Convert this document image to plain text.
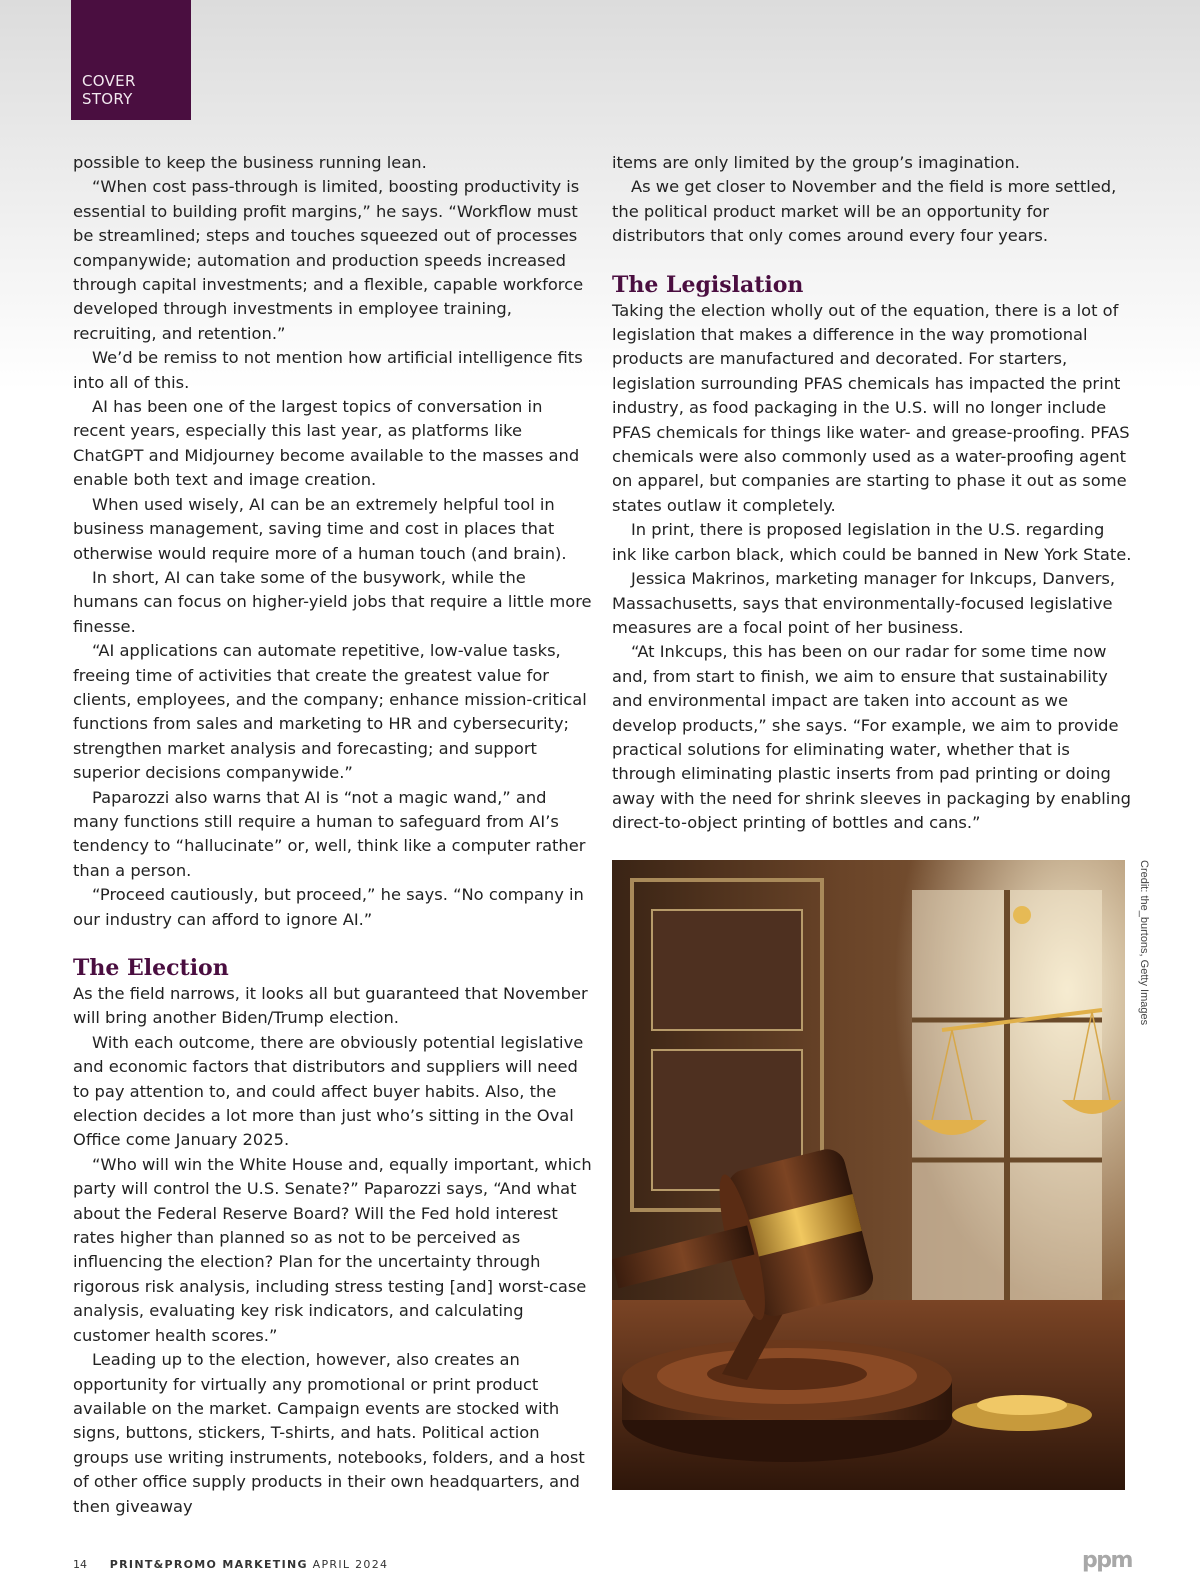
COVER
STORY

possible to keep the business running lean.

“When cost pass-through is limited, boosting productivity is essential to building profit margins,” he says. “Workflow must be streamlined; steps and touches squeezed out of processes companywide; automation and production speeds increased through capital investments; and a flexible, capable workforce developed through investments in employee training, recruiting, and retention.”

We’d be remiss to not mention how artificial intelligence fits into all of this.

AI has been one of the largest topics of conversation in recent years, especially this last year, as platforms like ChatGPT and Midjourney become available to the masses and enable both text and image creation.

When used wisely, AI can be an extremely helpful tool in business management, saving time and cost in places that otherwise would require more of a human touch (and brain).

In short, AI can take some of the busywork, while the humans can focus on higher-yield jobs that require a little more finesse.

“AI applications can automate repetitive, low-value tasks, freeing time of activities that create the greatest value for clients, employees, and the company; enhance mission-critical functions from sales and marketing to HR and cybersecurity; strengthen market analysis and forecasting; and support superior decisions companywide.”

Paparozzi also warns that AI is “not a magic wand,” and many functions still require a human to safeguard from AI’s tendency to “hallucinate” or, well, think like a computer rather than a person.

“Proceed cautiously, but proceed,” he says. “No company in our industry can afford to ignore AI.”

The Election

As the field narrows, it looks all but guaranteed that November will bring another Biden/Trump election.

With each outcome, there are obviously potential legislative and economic factors that distributors and suppliers will need to pay attention to, and could affect buyer habits. Also, the election decides a lot more than just who’s sitting in the Oval Office come January 2025.

“Who will win the White House and, equally important, which party will control the U.S. Senate?” Paparozzi says, “And what about the Federal Reserve Board? Will the Fed hold interest rates higher than planned so as not to be perceived as influencing the election? Plan for the uncertainty through rigorous risk analysis, including stress testing [and] worst-case analysis, evaluating key risk indicators, and calculating customer health scores.”

Leading up to the election, however, also creates an opportunity for virtually any promotional or print product available on the market. Campaign events are stocked with signs, buttons, stickers, T-shirts, and hats. Political action groups use writing instruments, notebooks, folders, and a host of other office supply products in their own headquarters, and then giveaway

items are only limited by the group’s imagination.

As we get closer to November and the field is more settled, the political product market will be an opportunity for distributors that only comes around every four years.

The Legislation

Taking the election wholly out of the equation, there is a lot of legislation that makes a difference in the way promotional products are manufactured and decorated. For starters, legislation surrounding PFAS chemicals has impacted the print industry, as food packaging in the U.S. will no longer include PFAS chemicals for things like water- and grease-proofing. PFAS chemicals were also commonly used as a water-proofing agent on apparel, but companies are starting to phase it out as some states outlaw it completely.

In print, there is proposed legislation in the U.S. regarding ink like carbon black, which could be banned in New York State.

Jessica Makrinos, marketing manager for Inkcups, Danvers, Massachusetts, says that environmentally-focused legislative measures are a focal point of her business.

“At Inkcups, this has been on our radar for some time now and, from start to finish, we aim to ensure that sustainability and environmental impact are taken into account as we develop products,” she says. “For example, we aim to provide practical solutions for eliminating water, whether that is through eliminating plastic inserts from pad printing or doing away with the need for shrink sleeves in packaging by enabling direct-to-object printing of bottles and cans.”

Credit: the_burtons, Getty Images
14 PRINT&PROMO MARKETING APRIL 2024	ppm
